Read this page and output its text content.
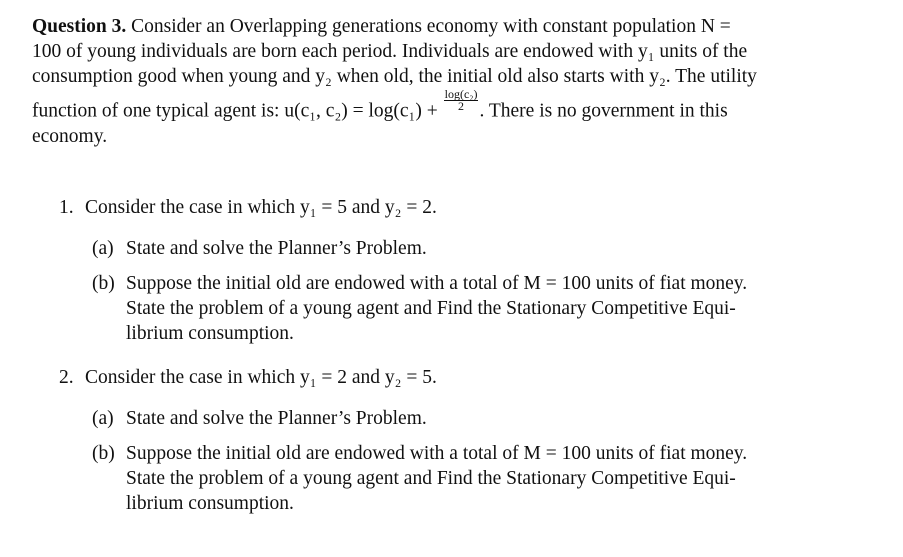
Question 3. Consider an Overlapping generations economy with constant population N =
100 of young individuals are born each period. Individuals are endowed with y₁ units of the
consumption good when young and y₂ when old, the initial old also starts with y₂. The utility
function of one typical agent is: u(c₁, $c_2) = \log(c_1) + \frac{\text{log(c₂)}}{2}$ . There is no government in this
economy.
1. Consider the case in which y₁ = 5 and y₂ = 2.
(a) State and solve the Planner’s Problem.
(b) Suppose the initial old are endowed with a total of M = 100 units of fiat money.
State the problem of a young agent and Find the Stationary Competitive Equi-
librium consumption.
2. Consider the case in which y₁ = 2 and y₂ = 5.
(a) State and solve the Planner’s Problem.
(b) Suppose the initial old are endowed with a total of M = 100 units of fiat money.
State the problem of a young agent and Find the Stationary Competitive Equi-
librium consumption.
